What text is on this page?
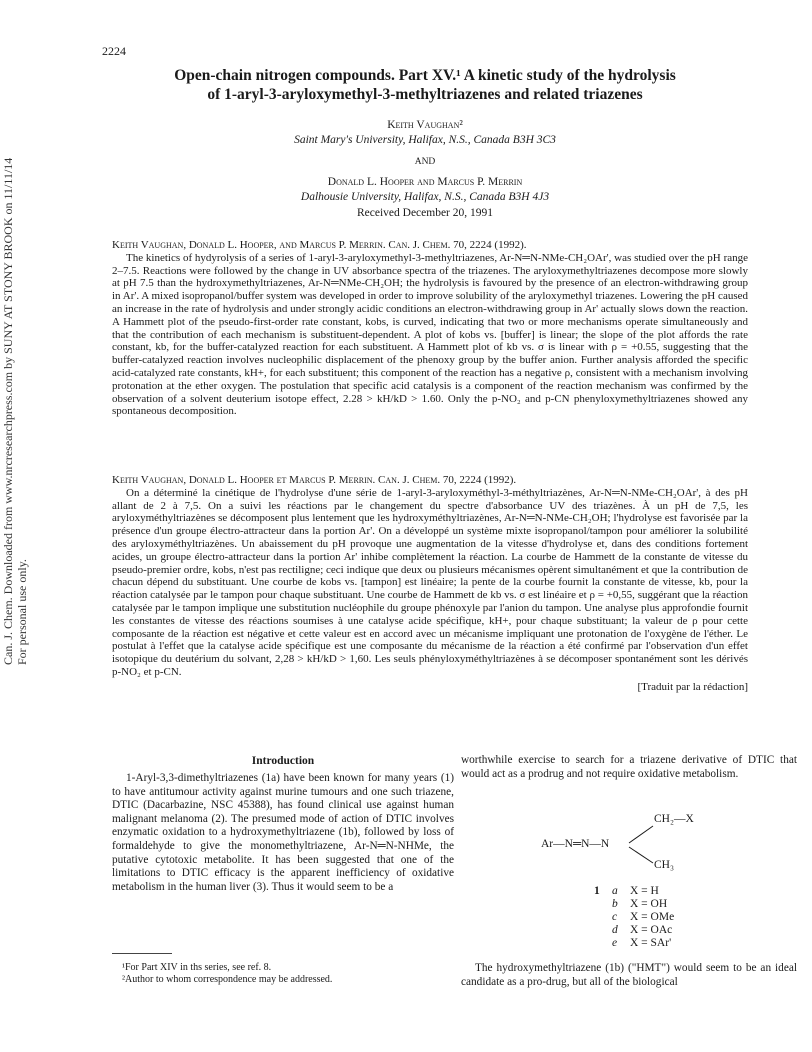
Can. J. Chem. Downloaded from www.nrcresearchpress.com by SUNY AT STONY BROOK on 11/11/14 For personal use only.
2224
Open-chain nitrogen compounds. Part XV.¹ A kinetic study of the hydrolysis
of 1-aryl-3-aryloxymethyl-3-methyltriazenes and related triazenes
Keith Vaughan²
Saint Mary's University, Halifax, N.S., Canada B3H 3C3
AND
Donald L. Hooper and Marcus P. Merrin
Dalhousie University, Halifax, N.S., Canada B3H 4J3
Received December 20, 1991

Keith Vaughan, Donald L. Hooper, and Marcus P. Merrin. Can. J. Chem. 70, 2224 (1992).

The kinetics of hydyrolysis of a series of 1-aryl-3-aryloxymethyl-3-methyltriazenes, Ar-N═N-NMe-CH₂OAr', was studied over the pH range 2–7.5. Reactions were followed by the change in UV absorbance spectra of the triazenes. The aryloxymethyltriazenes decompose more slowly at pH 7.5 than the hydroxymethyltriazenes, Ar-N═NMe-CH₂OH; the hydrolysis is favoured by the presence of an electron-withdrawing group in Ar'. A mixed isopropanol/buffer system was developed in order to improve solubility of the aryloxymethyl triazenes. Lowering the pH caused an increase in the rate of hydrolysis and under strongly acidic conditions an electron-withdrawing group in Ar' actually slows down the reaction. A Hammett plot of the pseudo-first-order rate constant, kobs, is curved, indicating that two or more mechanisms operate simultaneously and that the contribution of each mechanism is substituent-dependent. A plot of kobs vs. [buffer] is linear; the slope of the plot affords the rate constant, kb, for the buffer-catalyzed reaction for each substituent. A Hammett plot of kb vs. σ is linear with ρ = +0.55, suggesting that the buffer-catalyzed reaction involves nucleophilic displacement of the phenoxy group by the buffer anion. Further analysis afforded the specific acid-catalyzed rate constants, kH+, for each substituent; this component of the reaction has a negative ρ, consistent with a mechanism involving protonation at the ether oxygen. The postulation that specific acid catalysis is a component of the reaction mechanism was confirmed by the observation of a solvent deuterium isotope effect, 2.28 > kH/kD > 1.60. Only the p-NO₂ and p-CN phenyloxymethyltriazenes showed any spontaneous decomposition.

Keith Vaughan, Donald L. Hooper et Marcus P. Merrin. Can. J. Chem. 70, 2224 (1992).

On a déterminé la cinétique de l'hydrolyse d'une série de 1-aryl-3-aryloxyméthyl-3-méthyltriazènes, Ar-N═N-NMe-CH₂OAr', à des pH allant de 2 à 7,5. On a suivi les réactions par le changement du spectre d'absorbance UV des triazènes. À un pH de 7,5, les aryloxyméthyltriazènes se décomposent plus lentement que les hydroxyméthyltriazènes, Ar-N═N-NMe-CH₂OH; l'hydrolyse est favorisée par la présence d'un groupe électro-attracteur dans la portion Ar'. On a développé un système mixte isopropanol/tampon pour améliorer la solubilité des aryloxyméthyltriazènes. Un abaissement du pH provoque une augmentation de la vitesse d'hydrolyse et, dans des conditions fortement acides, un groupe électro-attracteur dans la portion Ar' inhibe complètement la réaction. La courbe de Hammett de la constante de vitesse du pseudo-premier ordre, kobs, n'est pas rectiligne; ceci indique que deux ou plusieurs mécanismes opèrent simultanément et que la contribution de chacun dépend du substituant. Une courbe de kobs vs. [tampon] est linéaire; la pente de la courbe fournit la constante de vitesse, kb, pour la réaction catalysée par le tampon pour chaque substituant. Une courbe de Hammett de kb vs. σ est linéaire et ρ = +0,55, suggérant que la réaction catalysée par le tampon implique une substitution nucléophile du groupe phénoxyle par l'anion du tampon. Une analyse plus approfondie fournit les constantes de vitesse des réactions soumises à une catalyse acide spécifique, kH+, pour chaque substituant; la valeur de ρ pour cette composante de la réaction est négative et cette valeur est en accord avec un mécanisme impliquant une protonation de l'oxygène de l'éther. Le postulat à l'effet que la catalyse acide spécifique est une composante du mécanisme de la réaction a été confirmé par l'observation d'un effet isotopique du deutérium du solvant, 2,28 > kH/kD > 1,60. Les seuls phényloxyméthyltriazènes à se décomposer spontanément sont les dérivés p-NO₂ et p-CN.

[Traduit par la rédaction]
Introduction

1-Aryl-3,3-dimethyltriazenes (1a) have been known for many years (1) to have antitumour activity against murine tumours and one such triazene, DTIC (Dacarbazine, NSC 45388), has found clinical use against human malignant melanoma (2). The presumed mode of action of DTIC involves enzymatic oxidation to a hydroxymethyltriazene (1b), followed by loss of formaldehyde to give the monomethyltriazene, Ar-N═N-NHMe, the putative cytotoxic metabolite. It has been suggested that one of the limitations to DTIC efficacy is the apparent inefficiency of oxidative metabolism in the human liver (3). Thus it would seem to be a

¹For Part XIV in ths series, see ref. 8.
²Author to whom correspondence may be addressed.

worthwhile exercise to search for a triazene derivative of DTIC that would act as a prodrug and not require oxidative metabolism.

CH₂—X
Ar—N═N—N
CH₃
1 a X = H
b X = OH
c X = OMe
d X = OAc
e X = SAr'

The hydroxymethyltriazene (1b) ("HMT") would seem to be an ideal candidate as a pro-drug, but all of the biological
